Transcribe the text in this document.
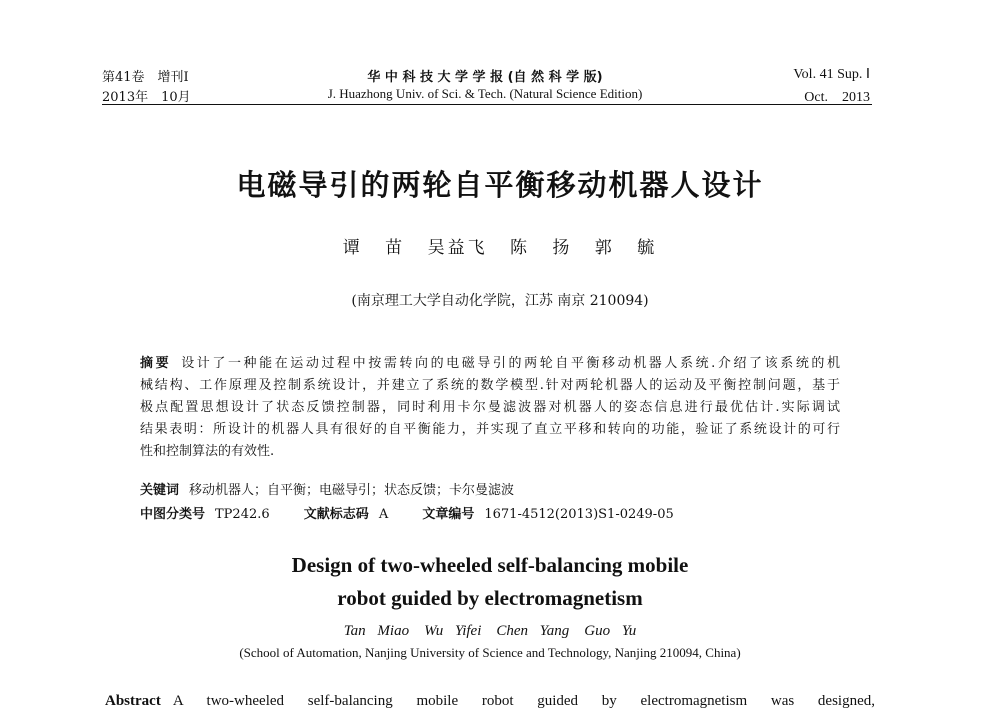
第41卷　增刊Ⅰ
2013年　10月
华 中 科 技 大 学 学 报 (自 然 科 学 版)
J. Huazhong Univ. of Sci. & Tech. (Natural Science Edition)
Vol. 41 Sup. Ⅰ
Oct.　2013
电磁导引的两轮自平衡移动机器人设计
谭 苗 吴益飞 陈 扬 郭 毓
(南京理工大学自动化学院，江苏 南京 210094)
摘要 设计了一种能在运动过程中按需转向的电磁导引的两轮自平衡移动机器人系统.介绍了该系统的机
械结构、工作原理及控制系统设计，并建立了系统的数学模型.针对两轮机器人的运动及平衡控制问题，基于
极点配置思想设计了状态反馈控制器，同时利用卡尔曼滤波器对机器人的姿态信息进行最优估计.实际调试
结果表明：所设计的机器人具有很好的自平衡能力，并实现了直立平移和转向的功能，验证了系统设计的可行
性和控制算法的有效性.
关键词 移动机器人；自平衡；电磁导引；状态反馈；卡尔曼滤波
中图分类号 TP242.6	文献标志码 A	文章编号 1671-4512(2013)S1-0249-05
Design of two-wheeled self-balancing mobile
robot guided by electromagnetism
Tan Miao　Wu Yifei　Chen Yang　Guo Yu
(School of Automation, Nanjing University of Science and Technology, Nanjing 210094, China)
Abstract A two-wheeled self-balancing mobile robot guided by electromagnetism was designed,
